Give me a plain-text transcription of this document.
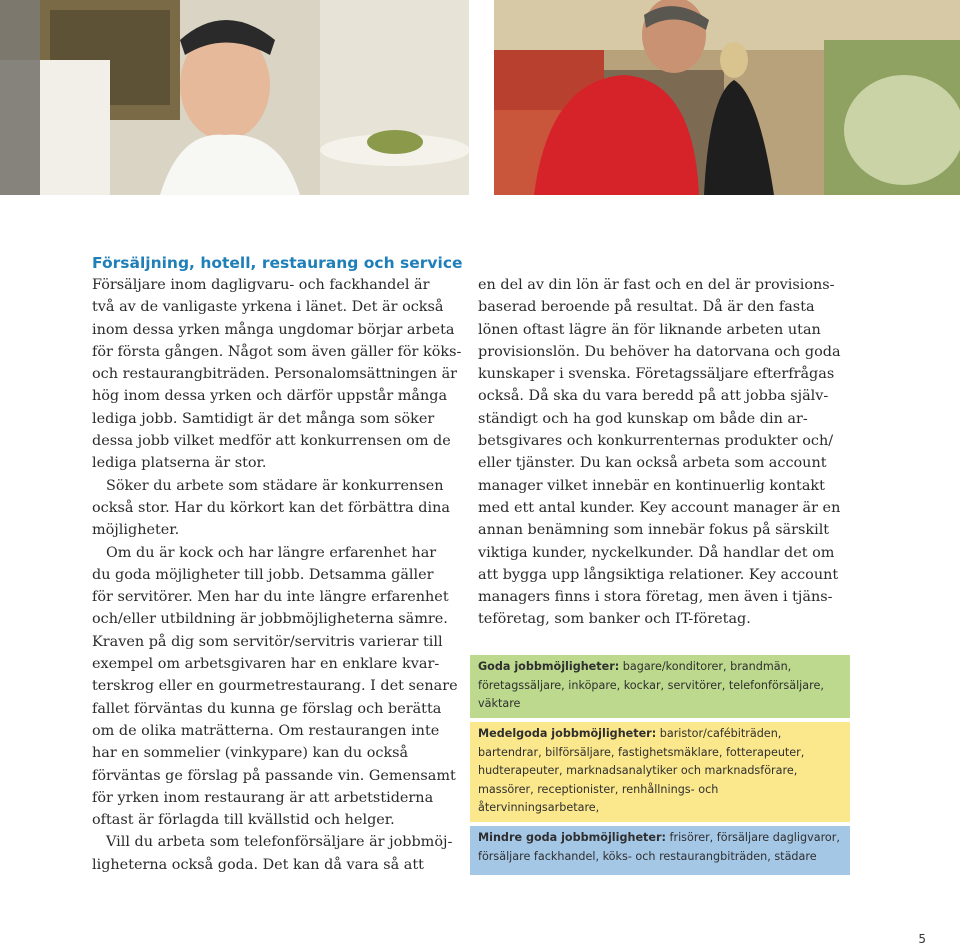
Försäljning, hotell, restaurang och service
Försäljare inom dagligvaru- och fackhandel är
två av de vanligaste yrkena i länet. Det är också
inom dessa yrken många ungdomar börjar arbeta
för första gången. Något som även gäller för köks-
och restaurangbiträden. Personalomsättningen är
hög inom dessa yrken och därför uppstår många
lediga jobb. Samtidigt är det många som söker
dessa jobb vilket medför att konkurrensen om de
lediga platserna är stor.
Söker du arbete som städare är konkurrensen
också stor. Har du körkort kan det förbättra dina
möjligheter.
Om du är kock och har längre erfarenhet har
du goda möjligheter till jobb. Detsamma gäller
för servitörer. Men har du inte längre erfarenhet
och/eller utbildning är jobbmöjligheterna sämre.
Kraven på dig som servitör/servitris varierar till
exempel om arbetsgivaren har en enklare kvar-
terskrog eller en gourmetrestaurang. I det senare
fallet förväntas du kunna ge förslag och berätta
om de olika maträtterna. Om restaurangen inte
har en sommelier (vinkypare) kan du också
förväntas ge förslag på passande vin. Gemensamt
för yrken inom restaurang är att arbetstiderna
oftast är förlagda till kvällstid och helger.
Vill du arbeta som telefonförsäljare är jobbmöj-
ligheterna också goda. Det kan då vara så att
en del av din lön är fast och en del är provisions-
baserad beroende på resultat. Då är den fasta
lönen oftast lägre än för liknande arbeten utan
provisionslön. Du behöver ha datorvana och goda
kunskaper i svenska. Företagssäljare efterfrågas
också. Då ska du vara beredd på att jobba själv-
ständigt och ha god kunskap om både din ar-
betsgivares och konkurrenternas produkter och/
eller tjänster. Du kan också arbeta som account
manager vilket innebär en kontinuerlig kontakt
med ett antal kunder. Key account manager är en
annan benämning som innebär fokus på särskilt
viktiga kunder, nyckelkunder. Då handlar det om
att bygga upp långsiktiga relationer. Key account
managers finns i stora företag, men även i tjäns-
teföretag, som banker och IT-företag.
Goda jobbmöjligheter: bagare/konditorer, brandmän,
företagssäljare, inköpare, kockar, servitörer, telefonförsäljare,
väktare
Medelgoda jobbmöjligheter: baristor/cafébiträden,
bartendrar, bilförsäljare, fastighetsmäklare, fotterapeuter,
hudterapeuter, marknadsanalytiker och marknadsförare,
massörer, receptionister, renhållnings- och
återvinningsarbetare,
Mindre goda jobbmöjligheter: frisörer, försäljare dagligvaror,
försäljare fackhandel, köks- och restaurangbiträden, städare
5
